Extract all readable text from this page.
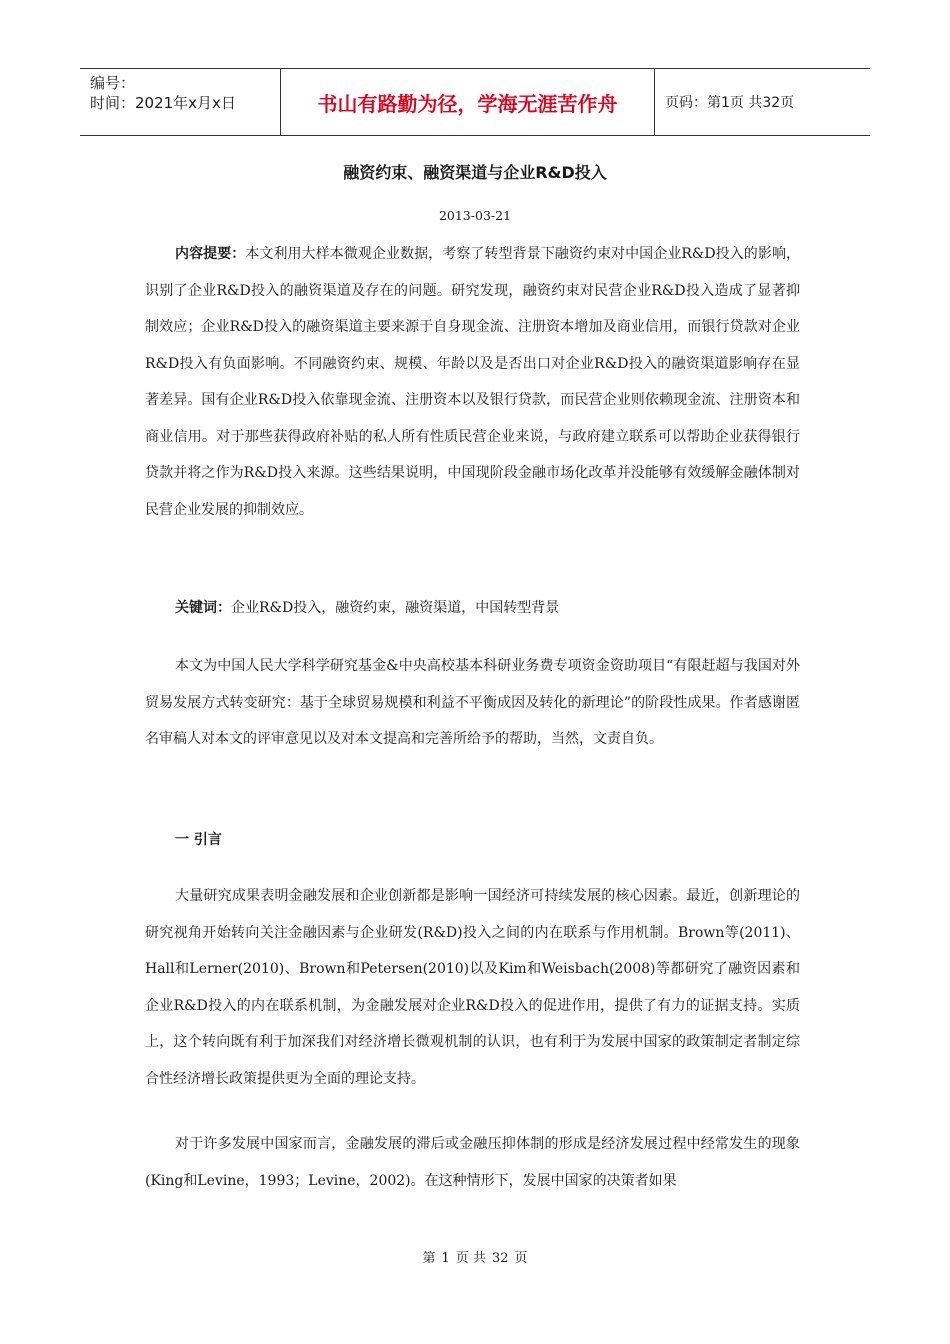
编号：
时间：2021年x月x日	书山有路勤为径，学海无涯苦作舟	页码：第1页 共32页
融资约束、融资渠道与企业R&D投入
2013-03-21

内容提要：本文利用大样本微观企业数据，考察了转型背景下融资约束对中国企业R&D投入的影响，识别了企业R&D投入的融资渠道及存在的问题。研究发现，融资约束对民营企业R&D投入造成了显著抑制效应；企业R&D投入的融资渠道主要来源于自身现金流、注册资本增加及商业信用，而银行贷款对企业R&D投入有负面影响。不同融资约束、规模、年龄以及是否出口对企业R&D投入的融资渠道影响存在显著差异。国有企业R&D投入依靠现金流、注册资本以及银行贷款，而民营企业则依赖现金流、注册资本和商业信用。对于那些获得政府补贴的私人所有性质民营企业来说，与政府建立联系可以帮助企业获得银行贷款并将之作为R&D投入来源。这些结果说明，中国现阶段金融市场化改革并没能够有效缓解金融体制对民营企业发展的抑制效应。

关键词：企业R&D投入，融资约束，融资渠道，中国转型背景

本文为中国人民大学科学研究基金&中央高校基本科研业务费专项资金资助项目“有限赶超与我国对外贸易发展方式转变研究：基于全球贸易规模和利益不平衡成因及转化的新理论”的阶段性成果。作者感谢匿名审稿人对本文的评审意见以及对本文提高和完善所给予的帮助，当然，文责自负。

一 引言

大量研究成果表明金融发展和企业创新都是影响一国经济可持续发展的核心因素。最近，创新理论的研究视角开始转向关注金融因素与企业研发(R&D)投入之间的内在联系与作用机制。Brown等(2011)、Hall和Lerner(2010)、Brown和Petersen(2010)以及Kim和Weisbach(2008)等都研究了融资因素和企业R&D投入的内在联系机制，为金融发展对企业R&D投入的促进作用，提供了有力的证据支持。实质上，这个转向既有利于加深我们对经济增长微观机制的认识，也有利于为发展中国家的政策制定者制定综合性经济增长政策提供更为全面的理论支持。

对于许多发展中国家而言，金融发展的滞后或金融压抑体制的形成是经济发展过程中经常发生的现象(King和Levine，1993；Levine，2002)。在这种情形下，发展中国家的决策者如果

第 1 页 共 32 页
